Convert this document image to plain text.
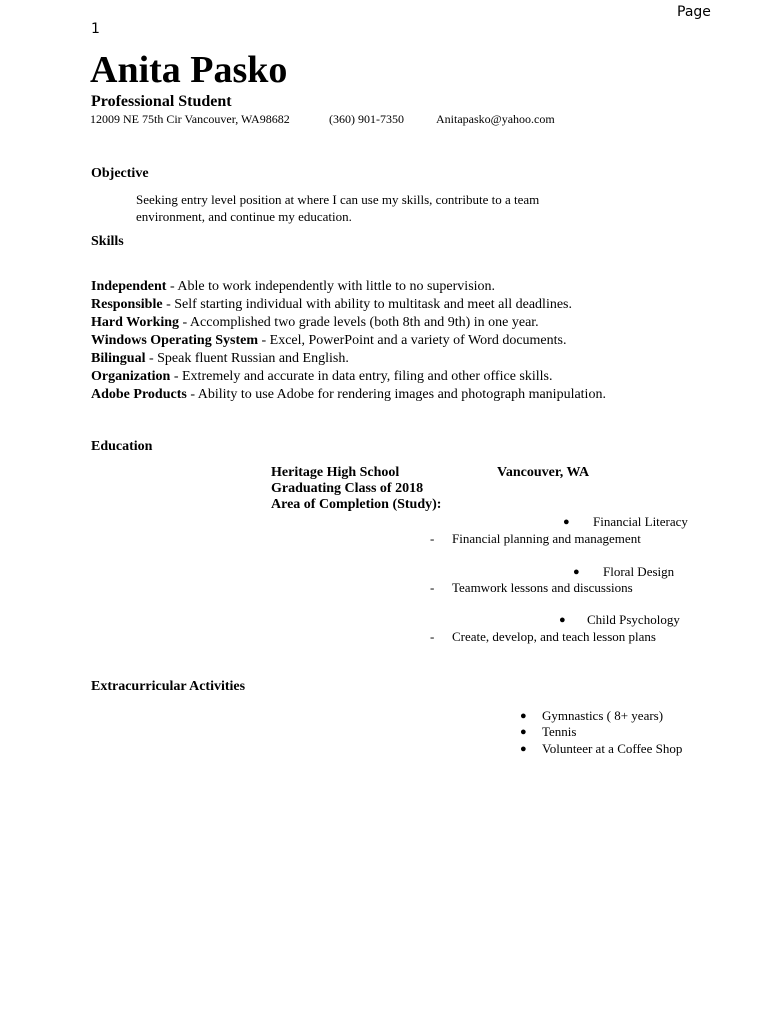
Page
1
Anita Pasko
Professional Student
12009 NE 75th Cir Vancouver, WA98682	(360) 901-7350	Anitapasko@yahoo.com
Objective
Seeking entry level position at where I can use my skills, contribute to a team environment, and continue my education.
Skills
Independent - Able to work independently with little to no supervision.
Responsible - Self starting individual with ability to multitask and meet all deadlines.
Hard Working - Accomplished two grade levels (both 8th and 9th) in one year.
Windows Operating System - Excel, PowerPoint and a variety of Word documents.
Bilingual - Speak fluent Russian and English.
Organization - Extremely and accurate in data entry, filing and other office skills.
Adobe Products - Ability to use Adobe for rendering images and photograph manipulation.
Education
Heritage High School	Vancouver, WA
Graduating Class of 2018
Area of Completion (Study):
● Financial Literacy
- Financial planning and management
● Floral Design
- Teamwork lessons and discussions
● Child Psychology
- Create, develop, and teach lesson plans
Extracurricular Activities
● Gymnastics ( 8+ years)
● Tennis
● Volunteer at a Coffee Shop
